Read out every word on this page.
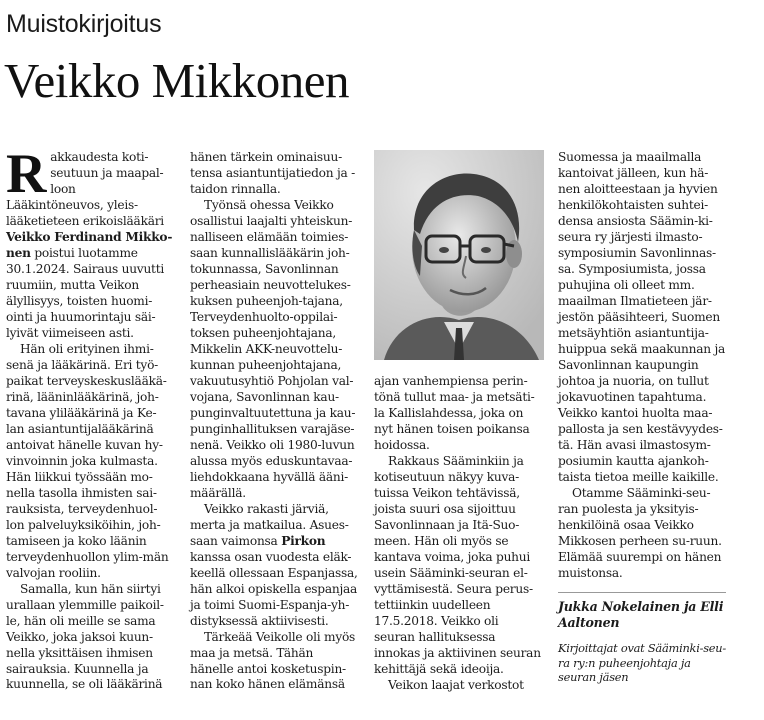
Muistokirjoitus
Veikko Mikkonen

Rakkaudesta koti-seutuun ja maapal-loon Lääkintöneuvos, yleis-lääketieteen erikoislääkäri Veikko Ferdinand Mikko-nen poistui luotamme 30.1.2024. Sairaus uuvutti ruumiin, mutta Veikon älyllisyys, toisten huomi-ointi ja huumorintaju säi-lyivät viimeiseen asti.

Hän oli erityinen ihmi-senä ja lääkärinä. Eri työ-paikat terveyskeskuslääkä-rinä, lääninlääkärinä, joh-tavana ylilääkärinä ja Ke-lan asiantuntijalääkärinä antoivat hänelle kuvan hy-vinvoinnin joka kulmasta. Hän liikkui työssään mo-nella tasolla ihmisten sai-rauksista, terveydenhuol-lon palveluyksiköihin, joh-tamiseen ja koko läänin terveydenhuollon ylim-män valvojan rooliin.

Samalla, kun hän siirtyi urallaan ylemmille paikoil-le, hän oli meille se sama Veikko, joka jaksoi kuun-nella yksittäisen ihmisen sairauksia. Kuunnella ja kuunnella, se oli lääkärinä

hänen tärkein ominaisuu-tensa asiantuntijatiedon ja -taidon rinnalla.

Työnsä ohessa Veikko osallistui laajalti yhteiskun-nalliseen elämään toimies-saan kunnallislääkärin joh-tokunnassa, Savonlinnan perheasiain neuvottelukes-kuksen puheenjoh-tajana, Terveydenhuolto-oppilai-toksen puheenjohtajana, Mikkelin AKK-neuvottelu-kunnan puheenjohtajana, vakuutusyhtiö Pohjolan val-vojana, Savonlinnan kau-punginvaltuutettuna ja kau-punginhallituksen varajäse-nenä. Veikko oli 1980-luvun alussa myös eduskuntavaa-liehdokkaana hyvällä ääni-määrällä.

Veikko rakasti järviä, merta ja matkailua. Asues-saan vaimonsa Pirkon kanssa osan vuodesta eläk-keellä ollessaan Espanjassa, hän alkoi opiskella espanjaa ja toimi Suomi-Espanja-yh-distyksessä aktiivisesti.

Tärkeää Veikolle oli myös maa ja metsä. Tähän hänelle antoi kosketuspin-nan koko hänen elämänsä

ajan vanhempiensa perin-tönä tullut maa- ja metsäti-la Kallislahdessa, joka on nyt hänen toisen poikansa hoidossa.

Rakkaus Sääminkiin ja kotiseutuun näkyy kuva-tuissa Veikon tehtävissä, joista suuri osa sijoittuu Savonlinnaan ja Itä-Suo-meen. Hän oli myös se kantava voima, joka puhui usein Sääminki-seuran el-vyttämisestä. Seura perus-tettiinkin uudelleen 17.5.2018. Veikko oli seuran hallituksessa innokas ja aktiivinen seuran kehittäjä sekä ideoija.

Veikon laajat verkostot

Suomessa ja maailmalla kantoivat jälleen, kun hä-nen aloitteestaan ja hyvien henkilökohtaisten suhtei-densa ansiosta Säämin-ki-seura ry järjesti ilmasto-symposiumin Savonlinnas-sa. Symposiumista, jossa puhujina oli olleet mm. maailman Ilmatieteen jär-jestön pääsihteeri, Suomen metsäyhtiön asiantuntija-huippua sekä maakunnan ja Savonlinnan kaupungin johtoa ja nuoria, on tullut jokavuotinen tapahtuma. Veikko kantoi huolta maa-pallosta ja sen kestävyydes-tä. Hän avasi ilmastosym-posiumin kautta ajankoh-taista tietoa meille kaikille.

Otamme Sääminki-seu-ran puolesta ja yksityis-henkilöinä osaa Veikko Mikkosen perheen su-ruun. Elämää suurempi on hänen muistonsa.

Jukka Nokelainen ja Elli Aaltonen
Kirjoittajat ovat Sääminki-seu-ra ry:n puheenjohtaja ja seuran jäsen
